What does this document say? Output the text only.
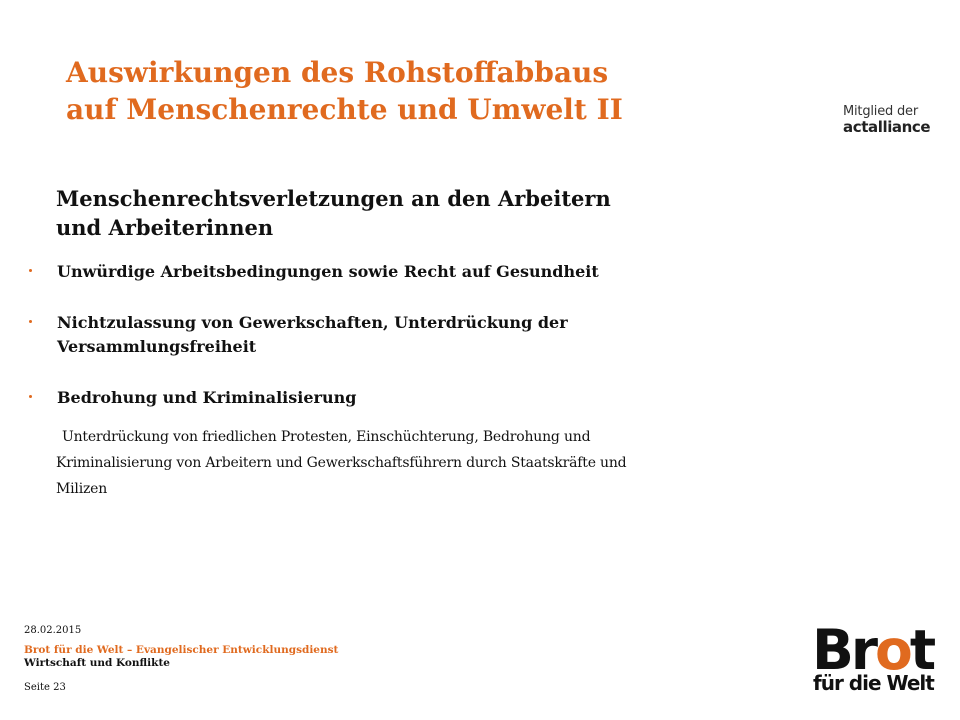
Auswirkungen des Rohstoffabbaus
auf Menschenrechte und Umwelt II	Mitglied der
actalliance
Menschenrechtsverletzungen an den Arbeitern
und Arbeiterinnen
Unwürdige Arbeitsbedingungen sowie Recht auf Gesundheit
Nichtzulassung von Gewerkschaften, Unterdrückung der
Versammlungsfreiheit
Bedrohung und Kriminalisierung

Unterdrückung von friedlichen Protesten, Einschüchterung, Bedrohung und
Kriminalisierung von Arbeitern und Gewerkschaftsführern durch Staatskräfte und
Milizen

28.02.2015
Brot für die Welt – Evangelischer Entwicklungsdienst
Wirtschaft und Konflikte
Seite 23
Brot
für die Welt
